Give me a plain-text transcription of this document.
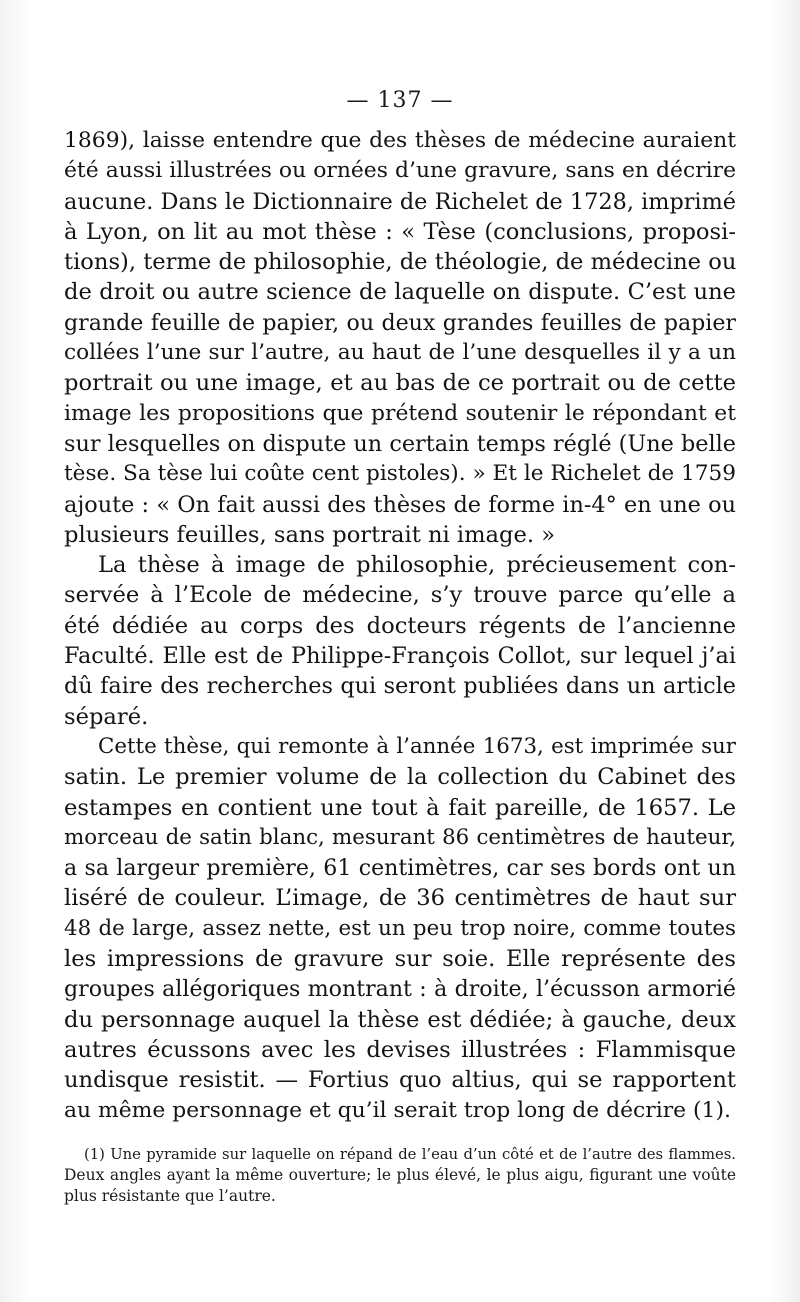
— 137 —
1869), laisse entendre que des thèses de médecine auraient
été aussi illustrées ou ornées d’une gravure, sans en décrire
aucune. Dans le Dictionnaire de Richelet de 1728, imprimé
à Lyon, on lit au mot thèse : « Tèse (conclusions, proposi-
tions), terme de philosophie, de théologie, de médecine ou
de droit ou autre science de laquelle on dispute. C’est une
grande feuille de papier, ou deux grandes feuilles de papier
collées l’une sur l’autre, au haut de l’une desquelles il y a un
portrait ou une image, et au bas de ce portrait ou de cette
image les propositions que prétend soutenir le répondant et
sur lesquelles on dispute un certain temps réglé (Une belle
tèse. Sa tèse lui coûte cent pistoles). » Et le Richelet de 1759
ajoute : « On fait aussi des thèses de forme in-4° en une ou
plusieurs feuilles, sans portrait ni image. »
La thèse à image de philosophie, précieusement con-
servée à l’Ecole de médecine, s’y trouve parce qu’elle a
été dédiée au corps des docteurs régents de l’ancienne
Faculté. Elle est de Philippe-François Collot, sur lequel j’ai
dû faire des recherches qui seront publiées dans un article
séparé.
Cette thèse, qui remonte à l’année 1673, est imprimée sur
satin. Le premier volume de la collection du Cabinet des
estampes en contient une tout à fait pareille, de 1657. Le
morceau de satin blanc, mesurant 86 centimètres de hauteur,
a sa largeur première, 61 centimètres, car ses bords ont un
liséré de couleur. L’image, de 36 centimètres de haut sur
48 de large, assez nette, est un peu trop noire, comme toutes
les impressions de gravure sur soie. Elle représente des
groupes allégoriques montrant : à droite, l’écusson armorié
du personnage auquel la thèse est dédiée; à gauche, deux
autres écussons avec les devises illustrées : Flammisque
undisque resistit. — Fortius quo altius, qui se rapportent
au même personnage et qu’il serait trop long de décrire (1).
(1) Une pyramide sur laquelle on répand de l’eau d’un côté et de l’autre des flammes.
Deux angles ayant la même ouverture; le plus élevé, le plus aigu, figurant une voûte
plus résistante que l’autre.
